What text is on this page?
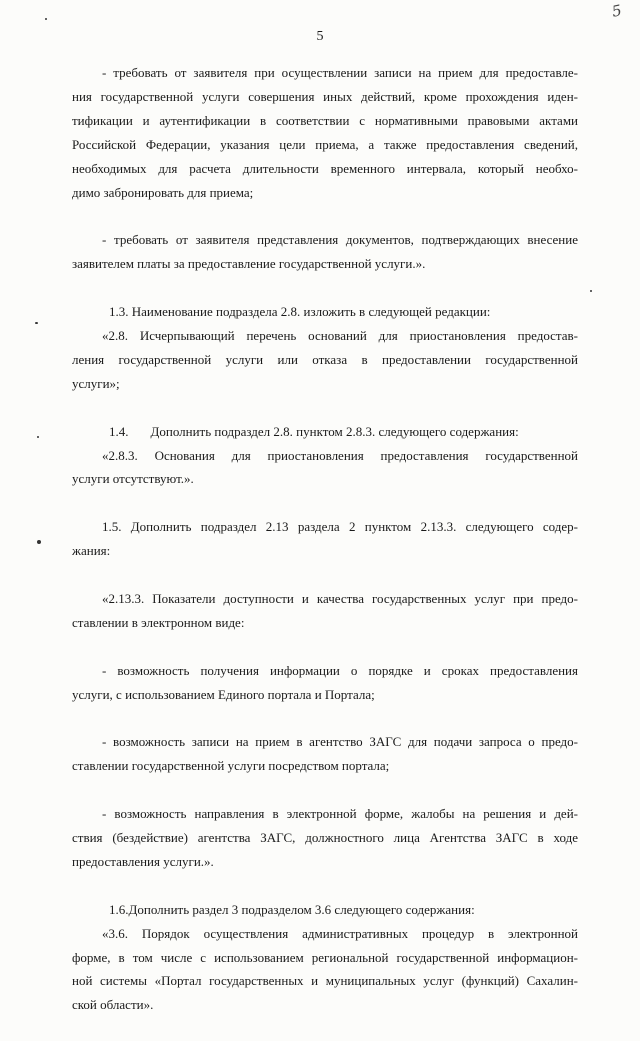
5
5

- требовать от заявителя при осуществлении записи на прием для предоставле-
ния государственной услуги совершения иных действий, кроме прохождения иден-
тификации и аутентификации в соответствии с нормативными правовыми актами
Российской Федерации, указания цели приема, а также предоставления сведений,
необходимых для расчета длительности временного интервала, который необхо-
димо забронировать для приема;

- требовать от заявителя представления документов, подтверждающих внесение
заявителем платы за предоставление государственной услуги.».

1.3. Наименование подраздела 2.8. изложить в следующей редакции:

«2.8. Исчерпывающий перечень оснований для приостановления предостав-
ления государственной услуги или отказа в предоставлении государственной
услуги»;

1.4. Дополнить подраздел 2.8. пунктом 2.8.3. следующего содержания:

«2.8.3. Основания для приостановления предоставления государственной
услуги отсутствуют.».

1.5. Дополнить подраздел 2.13 раздела 2 пунктом 2.13.3. следующего содер-
жания:

«2.13.3. Показатели доступности и качества государственных услуг при предо-
ставлении в электронном виде:

- возможность получения информации о порядке и сроках предоставления
услуги, с использованием Единого портала и Портала;

- возможность записи на прием в агентство ЗАГС для подачи запроса о предо-
ставлении государственной услуги посредством портала;

- возможность направления в электронной форме, жалобы на решения и дей-
ствия (бездействие) агентства ЗАГС, должностного лица Агентства ЗАГС в ходе
предоставления услуги.».

1.6.Дополнить раздел 3 подразделом 3.6 следующего содержания:

«3.6. Порядок осуществления административных процедур в электронной
форме, в том числе с использованием региональной государственной информацион-
ной системы «Портал государственных и муниципальных услуг (функций) Сахалин-
ской области».
